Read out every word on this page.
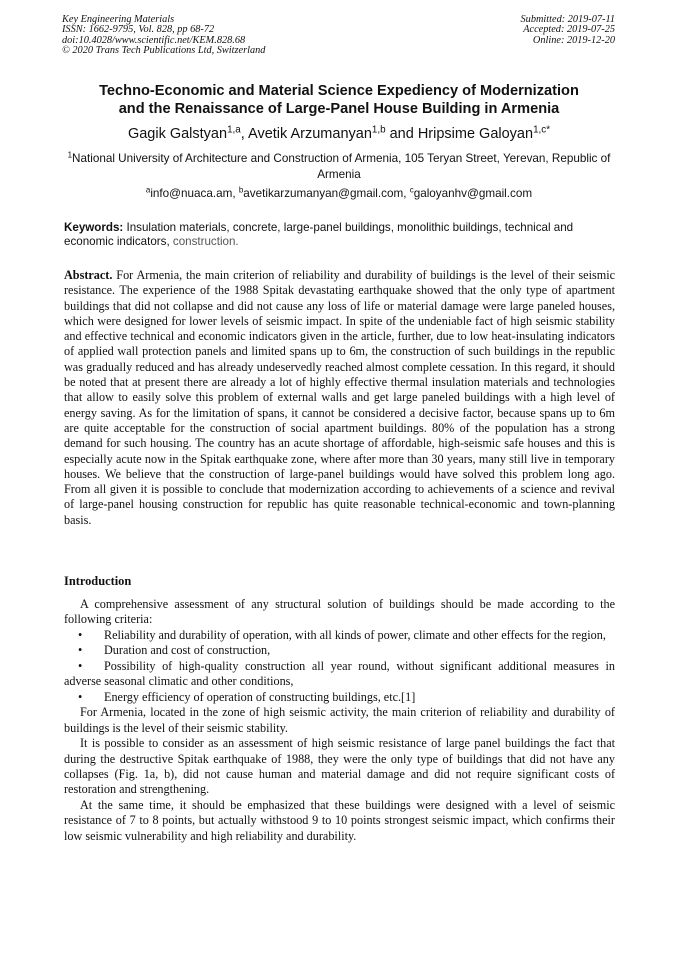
Key Engineering Materials
ISSN: 1662-9795, Vol. 828, pp 68-72
doi:10.4028/www.scientific.net/KEM.828.68
© 2020 Trans Tech Publications Ltd, Switzerland
Submitted: 2019-07-11
Accepted: 2019-07-25
Online: 2019-12-20
Techno-Economic and Material Science Expediency of Modernization
and the Renaissance of Large-Panel House Building in Armenia
Gagik Galstyan$^{1,a}$, Avetik Arzumanyan$^{1,b}$ and Hripsime Galoyan$^{1,c*}$
$^1$National University of Architecture and Construction of Armenia, 105 Teryan Street, Yerevan, Republic of Armenia
$^a$info@nuaca.am, $^b$avetikarzumanyan@gmail.com, $^c$galoyanhv@gmail.com
Keywords: Insulation materials, concrete, large-panel buildings, monolithic buildings, technical and economic indicators, construction.
Abstract. For Armenia, the main criterion of reliability and durability of buildings is the level of their seismic resistance. The experience of the 1988 Spitak devastating earthquake showed that the only type of apartment buildings that did not collapse and did not cause any loss of life or material damage were large paneled houses, which were designed for lower levels of seismic impact. In spite of the undeniable fact of high seismic stability and effective technical and economic indicators given in the article, further, due to low heat-insulating indicators of applied wall protection panels and limited spans up to 6m, the construction of such buildings in the republic was gradually reduced and has already undeservedly reached almost complete cessation. In this regard, it should be noted that at present there are already a lot of highly effective thermal insulation materials and technologies that allow to easily solve this problem of external walls and get large paneled buildings with a high level of energy saving. As for the limitation of spans, it cannot be considered a decisive factor, because spans up to 6m are quite acceptable for the construction of social apartment buildings. 80% of the population has a strong demand for such housing. The country has an acute shortage of affordable, high-seismic safe houses and this is especially acute now in the Spitak earthquake zone, where after more than 30 years, many still live in temporary houses. We believe that the construction of large-panel buildings would have solved this problem long ago. From all given it is possible to conclude that modernization according to achievements of a science and revival of large-panel housing construction for republic has quite reasonable technical-economic and town-planning basis.
Introduction

A comprehensive assessment of any structural solution of buildings should be made according to the following criteria:

• Reliability and durability of operation, with all kinds of power, climate and other effects for the region,

• Duration and cost of construction,

• Possibility of high-quality construction all year round, without significant additional measures in adverse seasonal climatic and other conditions,

• Energy efficiency of operation of constructing buildings, etc.[1]

For Armenia, located in the zone of high seismic activity, the main criterion of reliability and durability of buildings is the level of their seismic stability.

It is possible to consider as an assessment of high seismic resistance of large panel buildings the fact that during the destructive Spitak earthquake of 1988, they were the only type of buildings that did not have any collapses (Fig. 1a, b), did not cause human and material damage and did not require significant costs of restoration and strengthening.

At the same time, it should be emphasized that these buildings were designed with a level of seismic resistance of 7 to 8 points, but actually withstood 9 to 10 points strongest seismic impact, which confirms their low seismic vulnerability and high reliability and durability.
